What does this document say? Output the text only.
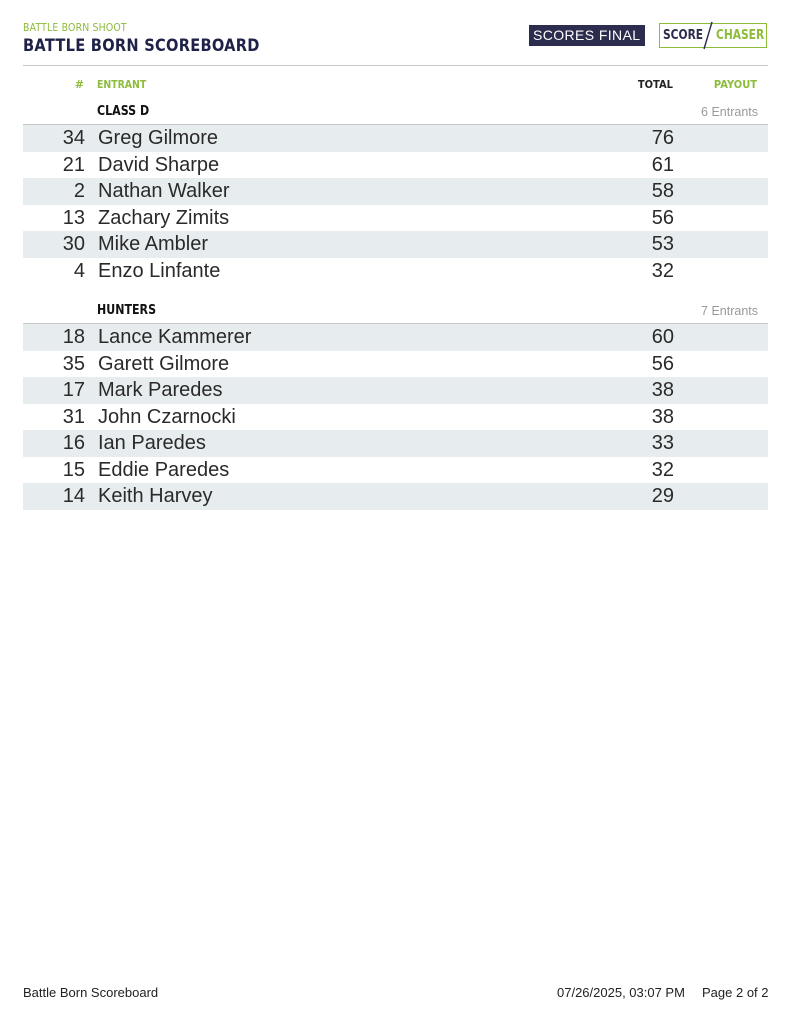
BATTLE BORN SHOOT
BATTLE BORN SCOREBOARD
SCORES FINAL	SCORE CHASER
# ENTRANT	TOTAL	PAYOUT
CLASS D	6 Entrants
34 Greg Gilmore	76
21 David Sharpe	61
2 Nathan Walker	58
13 Zachary Zimits	56
30 Mike Ambler	53
4 Enzo Linfante	32
HUNTERS	7 Entrants
18 Lance Kammerer	60
35 Garett Gilmore	56
17 Mark Paredes	38
31 John Czarnocki	38
16 Ian Paredes	33
15 Eddie Paredes	32
14 Keith Harvey	29
Battle Born Scoreboard	07/26/2025, 03:07 PM Page 2 of 2
